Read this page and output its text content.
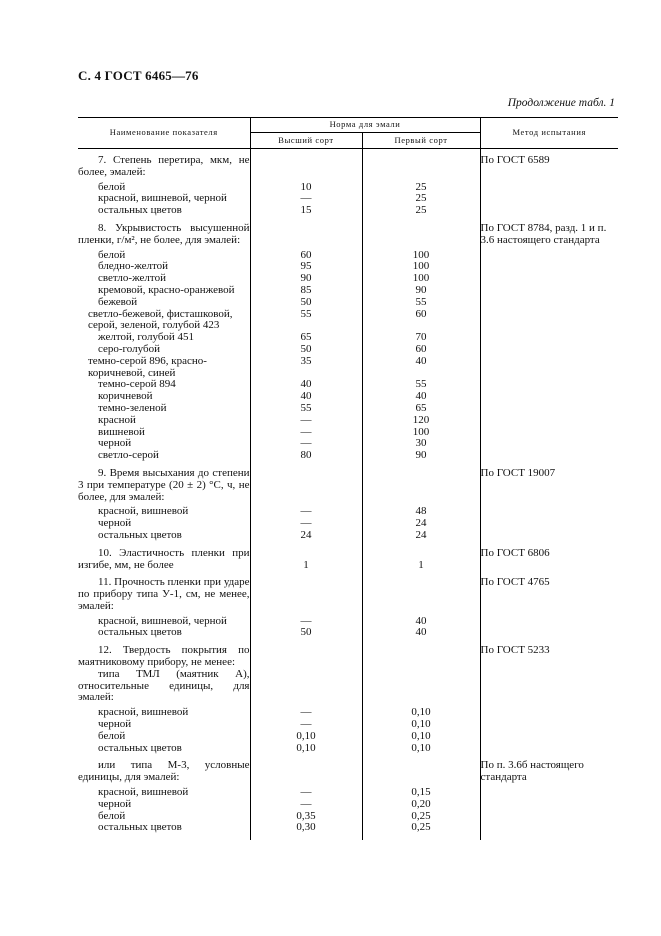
С. 4 ГОСТ 6465—76
Продолжение табл. 1
Наименование показателя	Норма для эмали		Метод испытания
	Высший сорт	Первый сорт	

7. Степень перетира, мкм, не более, эмалей:			По ГОСТ 6589

белой	10	25	

красной, вишневой, черной	—	25	

остальных цветов	15	25	

8. Укрывистость высушенной пленки, г/м², не более, для эмалей:			По ГОСТ 8784, разд. 1 и п. 3.6 настоящего стандарта

белой	60	100	

бледно-желтой	95	100	

светло-желтой	90	100	

кремовой, красно-оранжевой	85	90	

бежевой	50	55	

светло-бежевой, фисташковой, серой, зеленой, голубой 423	55	60	

желтой, голубой 451	65	70	

серо-голубой	50	60	

темно-серой 896, красно-коричневой, синей	35	40	

темно-серой 894	40	55	

коричневой	40	40	

темно-зеленой	55	65	

красной	—	120	

вишневой	—	100	

черной	—	30	

светло-серой	80	90	

9. Время высыхания до степени 3 при температуре (20 ± 2) °С, ч, не более, для эмалей:			По ГОСТ 19007

красной, вишневой	—	48	

черной	—	24	

остальных цветов	24	24	

10. Эластичность пленки при изгибе, мм, не более	1	1	По ГОСТ 6806

11. Прочность пленки при ударе по прибору типа У-1, см, не менее, эмалей:			По ГОСТ 4765

красной, вишневой, черной	—	40	

остальных цветов	50	40	

12. Твердость покрытия по маятниковому прибору, не менее:			По ГОСТ 5233

типа ТМЛ (маятник А), относительные единицы, для эмалей:			

красной, вишневой	—	0,10	

черной	—	0,10	

белой	0,10	0,10	

остальных цветов	0,10	0,10	

или типа М-3, условные единицы, для эмалей:			По п. 3.6б настоящего стандарта

красной, вишневой	—	0,15	

черной	—	0,20	

белой	0,35	0,25	

остальных цветов	0,30	0,25	
